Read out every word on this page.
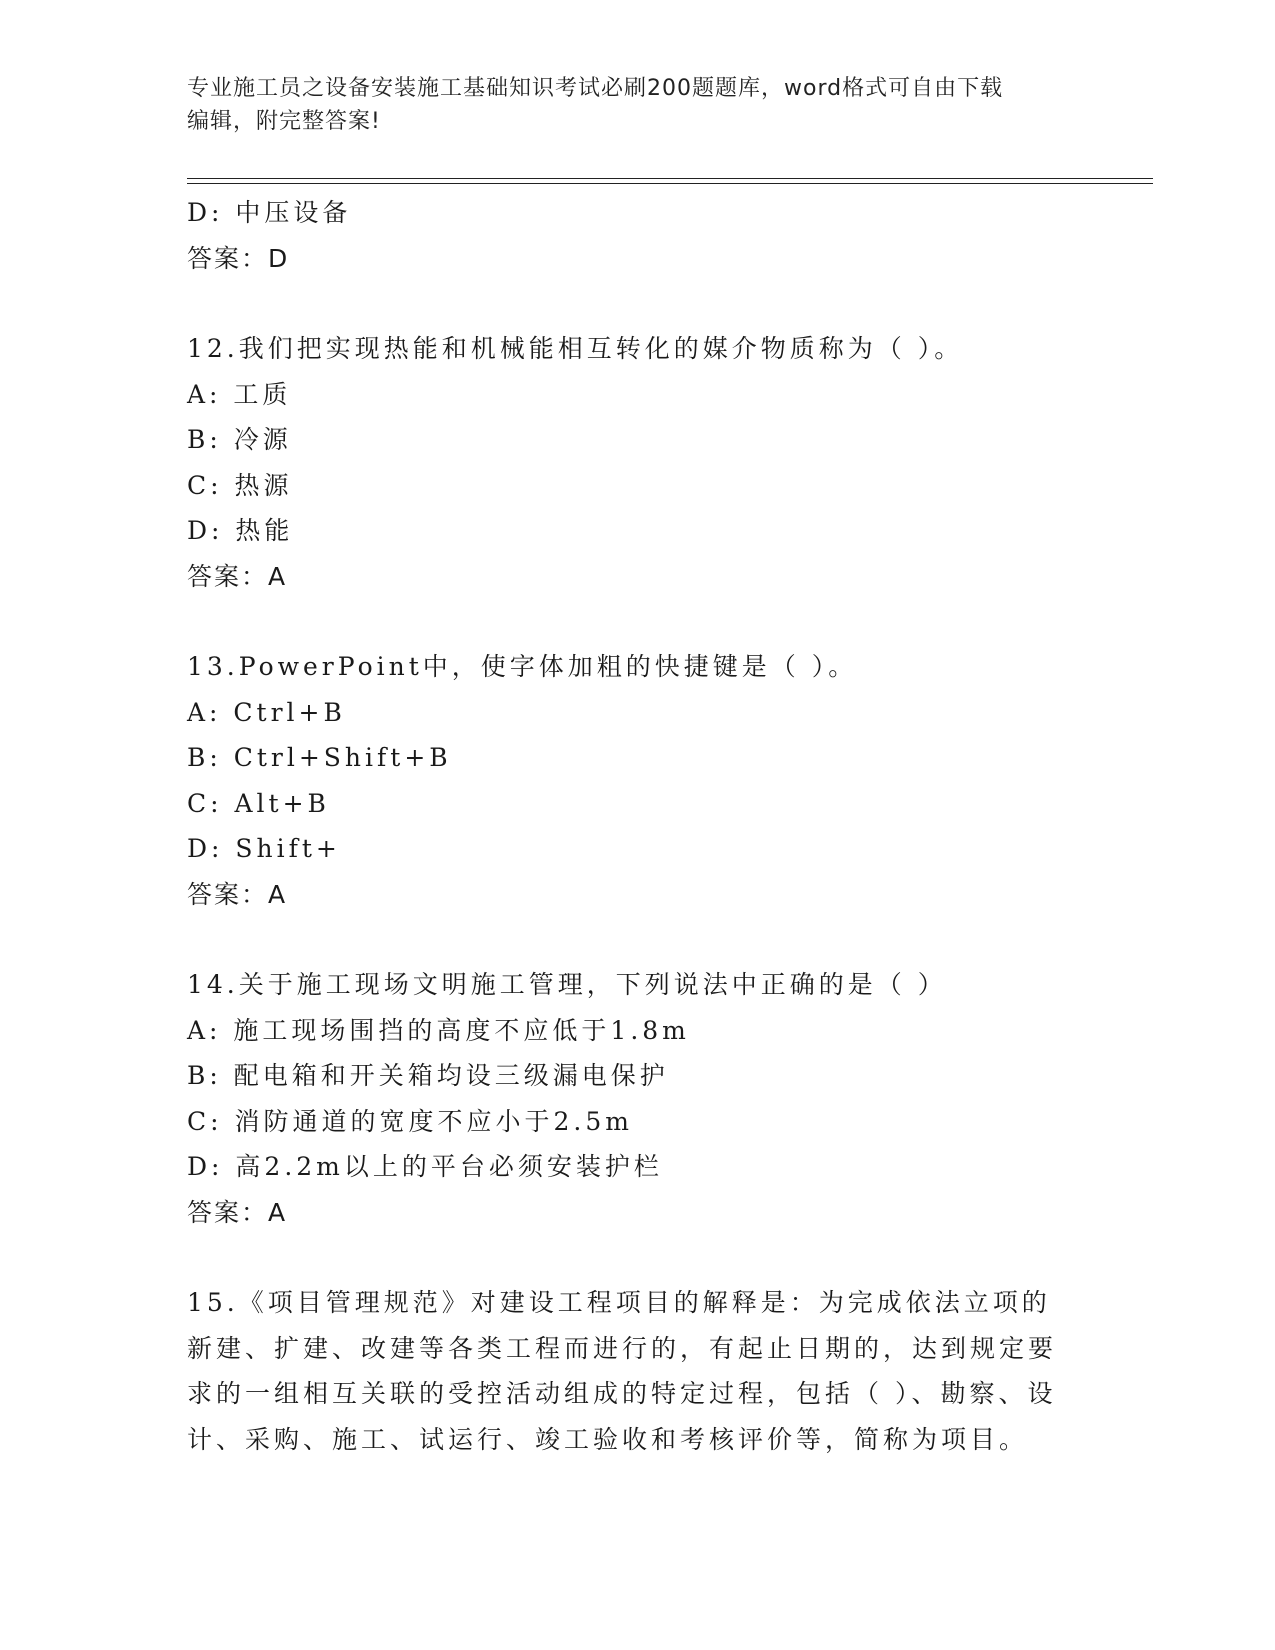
专业施工员之设备安装施工基础知识考试必刷200题题库，word格式可自由下载
编辑，附完整答案!
D: 中压设备
答案：D
12.我们把实现热能和机械能相互转化的媒介物质称为（ ）。
A: 工质
B: 冷源
C: 热源
D: 热能
答案：A
13.PowerPoint中，使字体加粗的快捷键是（ ）。
A: Ctrl+B
B: Ctrl+Shift+B
C: Alt+B
D: Shift+
答案：A
14.关于施工现场文明施工管理，下列说法中正确的是（ ）
A: 施工现场围挡的高度不应低于1.8m
B: 配电箱和开关箱均设三级漏电保护
C: 消防通道的宽度不应小于2.5m
D: 高2.2m以上的平台必须安装护栏
答案：A
15.《项目管理规范》对建设工程项目的解释是：为完成依法立项的新建、扩建、改建等各类工程而进行的，有起止日期的，达到规定要求的一组相互关联的受控活动组成的特定过程，包括（ ）、勘察、设计、采购、施工、试运行、竣工验收和考核评价等，简称为项目。
